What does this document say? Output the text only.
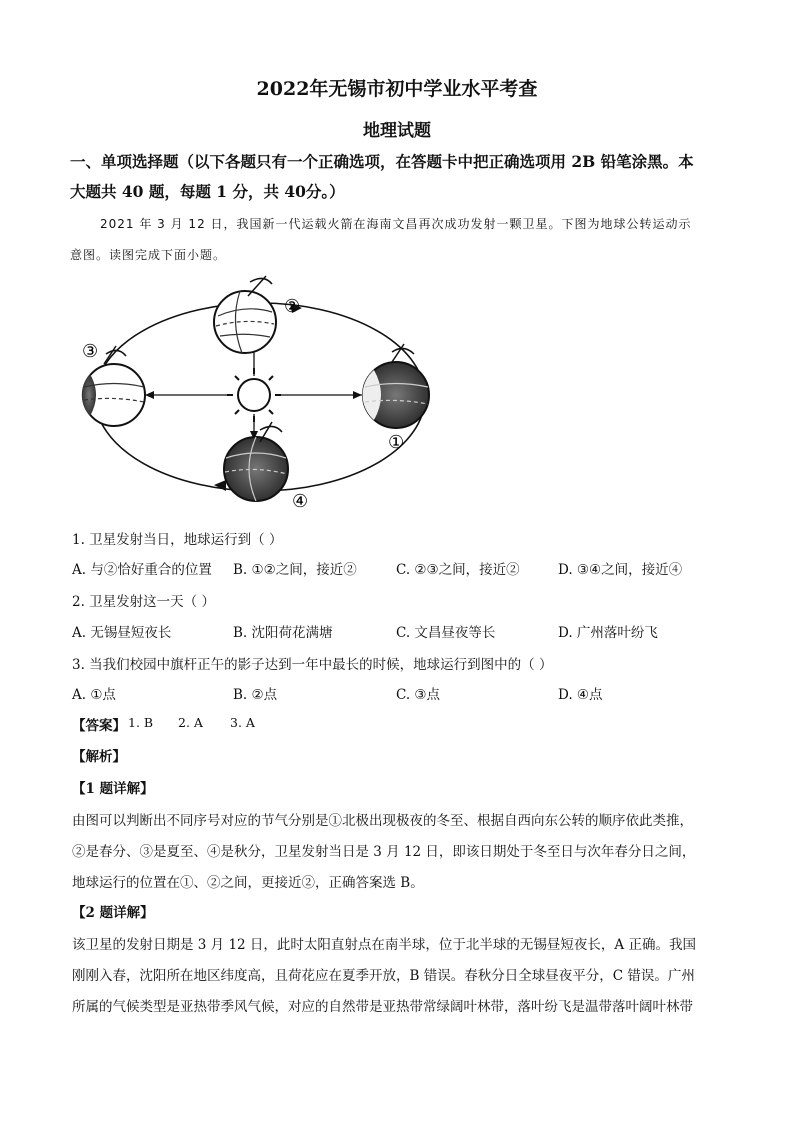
2022年无锡市初中学业水平考查
地理试题
一、单项选择题（以下各题只有一个正确选项，在答题卡中把正确选项用 2B 铅笔涂黑。本
大题共 40 题，每题 1 分，共 40分。）
2021 年 3 月 12 日，我国新一代运载火箭在海南文昌再次成功发射一颗卫星。下图为地球公转运动示
意图。读图完成下面小题。
②
③
①
④
1. 卫星发射当日，地球运行到（ ）
A. 与②恰好重合的位置 B. ①②之间，接近②	C. ②③之间，接近②	D. ③④之间，接近④
2. 卫星发射这一天（ ）
A. 无锡昼短夜长	B. 沈阳荷花满塘	C. 文昌昼夜等长	D. 广州落叶纷飞
3. 当我们校园中旗杆正午的影子达到一年中最长的时候，地球运行到图中的（ ）
A. ①点	B. ②点	C. ③点	D. ④点
【答案】 1. B 2. A 3. A
【解析】
【1 题详解】
由图可以判断出不同序号对应的节气分别是①北极出现极夜的冬至、根据自西向东公转的顺序依此类推，
②是春分、③是夏至、④是秋分，卫星发射当日是 3 月 12 日，即该日期处于冬至日与次年春分日之间，
地球运行的位置在①、②之间，更接近②，正确答案选 B。
【2 题详解】
该卫星的发射日期是 3 月 12 日，此时太阳直射点在南半球，位于北半球的无锡昼短夜长，A 正确。我国
刚刚入春，沈阳所在地区纬度高，且荷花应在夏季开放，B 错误。春秋分日全球昼夜平分，C 错误。广州
所属的气候类型是亚热带季风气候，对应的自然带是亚热带常绿阔叶林带，落叶纷飞是温带落叶阔叶林带
